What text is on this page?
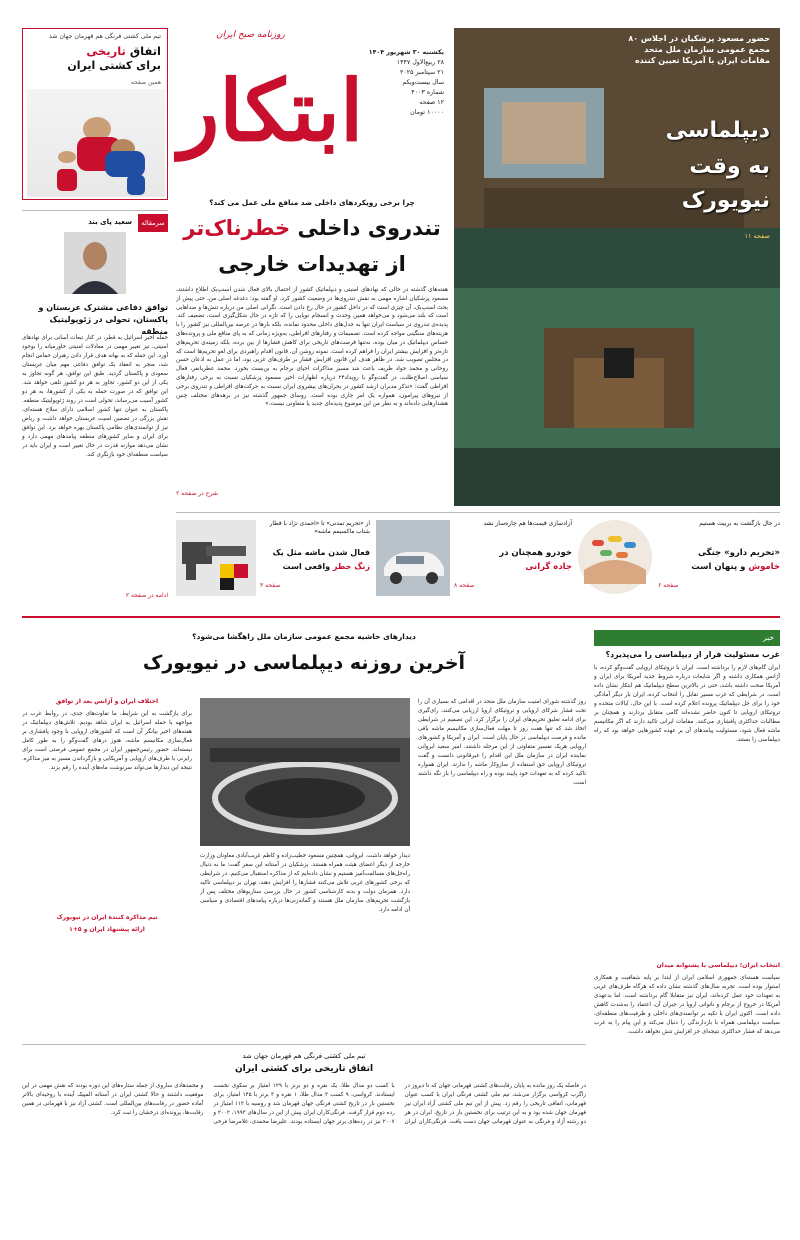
تیم ملی کشتی فرنگی هم قهرمان جهان شد
اتفاق تاریخی
برای کشتی ایران
همین صفحه
روزنامه صبح ایران
ابتکار
یکشنبه ۳۰ شهریور ۱۴۰۴
۲۸ ربیع‌الاول ۱۴۴۷
۲۱ سپتامبر ۲۰۲۵
سال بیست‌ویکم
شماره ۴۰۰۳
۱۲ صفحه
۱۰۰۰۰ تومان
حضور مسعود پزشکیان در اجلاس ۸۰
مجمع عمومی سازمان ملل متحد
مقامات ایران با آمریکا تعیین کننده
دیپلماسی
به وقت
نیویورک
صفحه ۱۱
سرمقاله
سعید پای بند
توافق دفاعی مشترک عربستان و پاکستان، تحولی در ژئوپولیتیک منطقه
حمله اخیر اسرائیل به قطر، در کنار تبعات آسانی برای نهادهای امنیتی، نیز تغییر مهمی در معادلات امنیتی خاورمیانه را بوجود آورد. این حمله که به بهانه هدف قرار دادن رهبران حماس انجام شد، منجر به انعقاد یک توافق دفاعی مهم میان عربستان سعودی و پاکستان گردید. طبق این توافق، هر گونه تجاوز به یکی از این دو کشور، تجاوز به هر دو کشور تلقی خواهد شد. این توافق که در صورت حمله به یکی از کشورها، به هر دو کشور آسیب می‌رساند، تحولی است در روند ژئوپولیتیک منطقه. پاکستان به عنوان تنها کشور اسلامی دارای سلاح هسته‌ای، نقش بزرگی در تضمین امنیت عربستان خواهد داشت و ریاض نیز از توانمندی‌های نظامی پاکستان بهره خواهد برد. این توافق برای ایران و سایر کشورهای منطقه پیامدهای مهمی دارد و نشان می‌دهد موازنه قدرت در حال تغییر است و ایران باید در سیاست منطقه‌ای خود بازنگری کند.
ادامه در صفحه ۲
چرا برخی رویکردهای داخلی ضد منافع ملی عمل می کند؟
تندروی داخلی خطرناک‌تر
از تهدیدات خارجی
هفته‌های گذشته در حالی که نهادهای امنیتی و دیپلماتیک کشور از احتمال بالای فعال شدن اسنپ‌بک اطلاع داشتند، مسعود پزشکیان اشاره مهمی به نقش تندروی‌ها در وضعیت کشور کرد. او گفته بود: دغدغه اصلی من، حتی پیش از بحث اسنپ‌بک، آن چیزی است که در داخل کشور در حال رخ دادن است. نگرانی اصلی من درباره تنش‌ها و صداهایی است که بلند می‌شود و می‌خواهد همین وحدت و انسجام نوپایی را که تازه در حال شکل‌گیری است، تضعیف کند. پدیده‌ی تندروی در سیاست ایران تنها به جدل‌های داخلی محدود نمانده، بلکه بارها در عرصه بین‌المللی نیز کشور را با هزینه‌های سنگینی مواجه کرده است. تصمیمات و رفتارهای افراطی، به‌ویژه زمانی که به پای منافع ملی و پرونده‌های حساس دیپلماتیک در میان بوده، نه‌تنها فرصت‌های تاریخی برای کاهش فشارها از بین برده، بلکه زمینه‌ی تحریم‌های تازه‌تر و افزایش بیشتر ایران را فراهم کرده است. نمونه روشن آن، قانون اقدام راهبردی برای لغو تحریم‌ها است که در مجلس تصویب شد. در ظاهر هدف این قانون افزایش فشار بر طرف‌های غربی بود، اما در عمل به اذعان حسن روحانی و محمد جواد ظریف باعث شد مسیر مذاکرات احیای برجام به بن‌بست بخورد. محمد عطریانفر، فعال سیاسی اصلاح‌طلب، در گفت‌وگو با رویداد۲۴ درباره اظهارات اخیر مسعود پزشکیان نسبت به برخی رفتارهای افراطی گفت: «تذکر مدیران ارشد کشور در بحران‌های پیشروی ایران نسبت به حرکت‌های افراطی و تندروی برخی از نیروهای پیرامون، همواره یک امر جاری بوده است. روسای جمهور گذشته نیز در برهه‌های مختلف چنین هشدارهایی داده‌اند و به نظر من این موضوع پدیده‌ای جدید یا متفاوتی نیست.»
شرح در صفحه ۲
در حال بازگشت به بربیت هستیم
«تحریم دارو» جنگی
خاموش و پنهان است
صفحه ۶
آزادسازی قیمت‌ها هم چاره‌ساز نشد
خودرو همچنان در
جاده گرانی
صفحه ۸
از «تحریم تمدنی» تا «احمدی نژاد با قطار شتاب ماکسیمم ماشه»
فعال شدن ماشه مثل یک
زنگ خطر واقعی است
صفحه ۳
خبر
غرب مسئولیت فرار از دیپلماسی را می‌پذیرد؟
ایران گام‌های لازم را برداشته است. ایران با تروئیکای اروپایی گفت‌وگو کرده، با آژانس همکاری داشته و اگر شایعات درباره شروط جدید آمریکا برای ایران و آمریکا صحت داشته باشد، حتی در بالاترین سطح دیپلماتیک هم ابتکار نشان داده است. در شرایطی که غرب مسیر تقابل را انتخاب کرده، ایران بار دیگر آمادگی خود را برای حل دیپلماتیک پرونده اعلام کرده است. با این حال، ایالات متحده و تروئیکای اروپایی تا کنون حاضر نشده‌اند گامی متقابل بردارند و همچنان بر مطالبات حداکثری پافشاری می‌کنند. مقامات ایرانی تاکید دارند که اگر مکانیسم ماشه فعال شود، مسئولیت پیامدهای آن بر عهده کشورهایی خواهد بود که راه دیپلماسی را بستند.
انتخاب ایران؛ دیپلماسی با پشتوانه میدان
سیاست هسته‌ای جمهوری اسلامی ایران از ابتدا بر پایه شفافیت و همکاری استوار بوده است. تجربه سال‌های گذشته نشان داده که هرگاه طرف‌های غربی به تعهدات خود عمل کرده‌اند، ایران نیز متقابلا گام برداشته است. اما بدعهدی آمریکا در خروج از برجام و ناتوانی اروپا در جبران آن، اعتماد را به‌شدت کاهش داده است. اکنون ایران با تکیه بر توانمندی‌های داخلی و ظرفیت‌های منطقه‌ای، سیاست دیپلماسی همراه با بازدارندگی را دنبال می‌کند و این پیام را به غرب می‌دهد که فشار حداکثری نتیجه‌ای جز افزایش تنش نخواهد داشت.
دیدارهای حاشیه مجمع عمومی سازمان ملل راهگشا می‌شود؟
آخرین روزنه دیپلماسی در نیویورک
روز گذشته شورای امنیت سازمان ملل متحد در اقدامی که بسیاری آن را تحت فشار شرکای اروپایی و تروئیکای اروپا ارزیابی می‌کنند، رای‌گیری برای ادامه تعلیق تحریم‌های ایران را برگزار کرد. این تصمیم در شرایطی اتخاذ شد که تنها هفت روز تا مهلت فعال‌سازی مکانیسم ماشه باقی مانده و فرصت دیپلماسی در حال پایان است. ایران و آمریکا و کشورهای اروپایی هریک تفسیر متفاوتی از این مرحله داشتند. امیر سعید ایروانی نماینده ایران در سازمان ملل این اقدام را غیرقانونی دانست و گفت تروئیکای اروپایی حق استفاده از سازوکار ماشه را ندارند. ایران همواره تاکید کرده که به تعهدات خود پایبند بوده و راه دیپلماسی را باز نگه داشته است.
دیدار خواهد داشت. ایروانی، همچنین مسعود خطیب‌زاده و کاظم غریب‌آبادی معاونان وزارت خارجه از دیگر اعضای هیئت همراه هستند. پزشکیان در آستانه این سفر گفت: ما به دنبال راه‌حل‌های مسالمت‌آمیز هستیم و نشان داده‌ایم که از مذاکره استقبال می‌کنیم. در شرایطی که برخی کشورهای غربی تلاش می‌کنند فشارها را افزایش دهند، تهران بر دیپلماسی تاکید دارد. همزمان دولت و بدنه کارشناسی کشور در حال بررسی سناریوهای مختلف پس از بازگشت تحریم‌های سازمان ملل هستند و گمانه‌زنی‌ها درباره پیامدهای اقتصادی و سیاسی آن ادامه دارد.
اختلاف ایران و آژانس بعد از توافق
برای بازگشت به این شرایط، ما تفاوت‌های جدی، در روابط غرب در مواجهه با حمله اسرائیل به ایران شاهد بودیم. تلاش‌های دیپلماتیک در هفته‌های اخیر بیانگر آن است که کشورهای اروپایی با وجود پافشاری بر فعال‌سازی مکانیسم ماشه، هنوز درهای گفت‌وگو را به طور کامل نبسته‌اند. حضور رئیس‌جمهور ایران در مجمع عمومی فرصتی است برای رایزنی با طرف‌های اروپایی و آمریکایی و بازگرداندن مسیر به میز مذاکره. نتیجه این دیدارها می‌تواند سرنوشت ماه‌های آینده را رقم بزند.
تیم مذاکره کننده ایران در نیویورک
ارائه پیشنهاد ایران و ۵+۱
تیم ملی کشتی فرنگی هم قهرمان جهان شد
اتفاق تاریخی برای کشتی ایران
در فاصله یک روز مانده به پایان رقابت‌های کشتی قهرمانی جهان که تا دیروز در زاگرب کرواسی برگزار می‌شد، تیم ملی کشتی فرنگی ایران با کسب عنوان قهرمانی، اتفاقی تاریخی را رقم زد. پیش از این تیم ملی کشتی آزاد ایران نیز قهرمان جهان شده بود و به این ترتیب برای نخستین بار در تاریخ، ایران در هر دو رشته آزاد و فرنگی به عنوان قهرمانی جهان دست یافت. فرنگی‌کاران ایران با کسب دو مدال طلا، یک نقره و دو برنز با ۱۲۹ امتیاز بر سکوی نخست ایستادند. کرواسی، ۹ کسب ۳ مدال طلا، ۱ نقره و ۳ برنز با ۱۴۵ امتیاز، برای نخستین بار در تاریخ کشتی فرنگی جهان قهرمان شد و روسیه با ۱۱۲ امتیاز در رده دوم قرار گرفت. فرنگی‌کاران ایران پیش از این در سال‌های ۱۹۹۳، ۲۰۰۲ و ۲۰۰۷ نیز در رده‌های برتر جهان ایستاده بودند. علیرضا محمدی، غلامرضا فرخی و محمدهادی ساروی از جمله ستاره‌های این دوره بودند که نقش مهمی در این موفقیت داشتند و حالا کشتی ایران در آستانه المپیک آینده با روحیه‌ای بالاتر آماده حضور در رقابت‌های بین‌المللی است. کشتی آزاد نیز با قهرمانی در همین رقابت‌ها، پرونده‌ای درخشان را ثبت کرد.
